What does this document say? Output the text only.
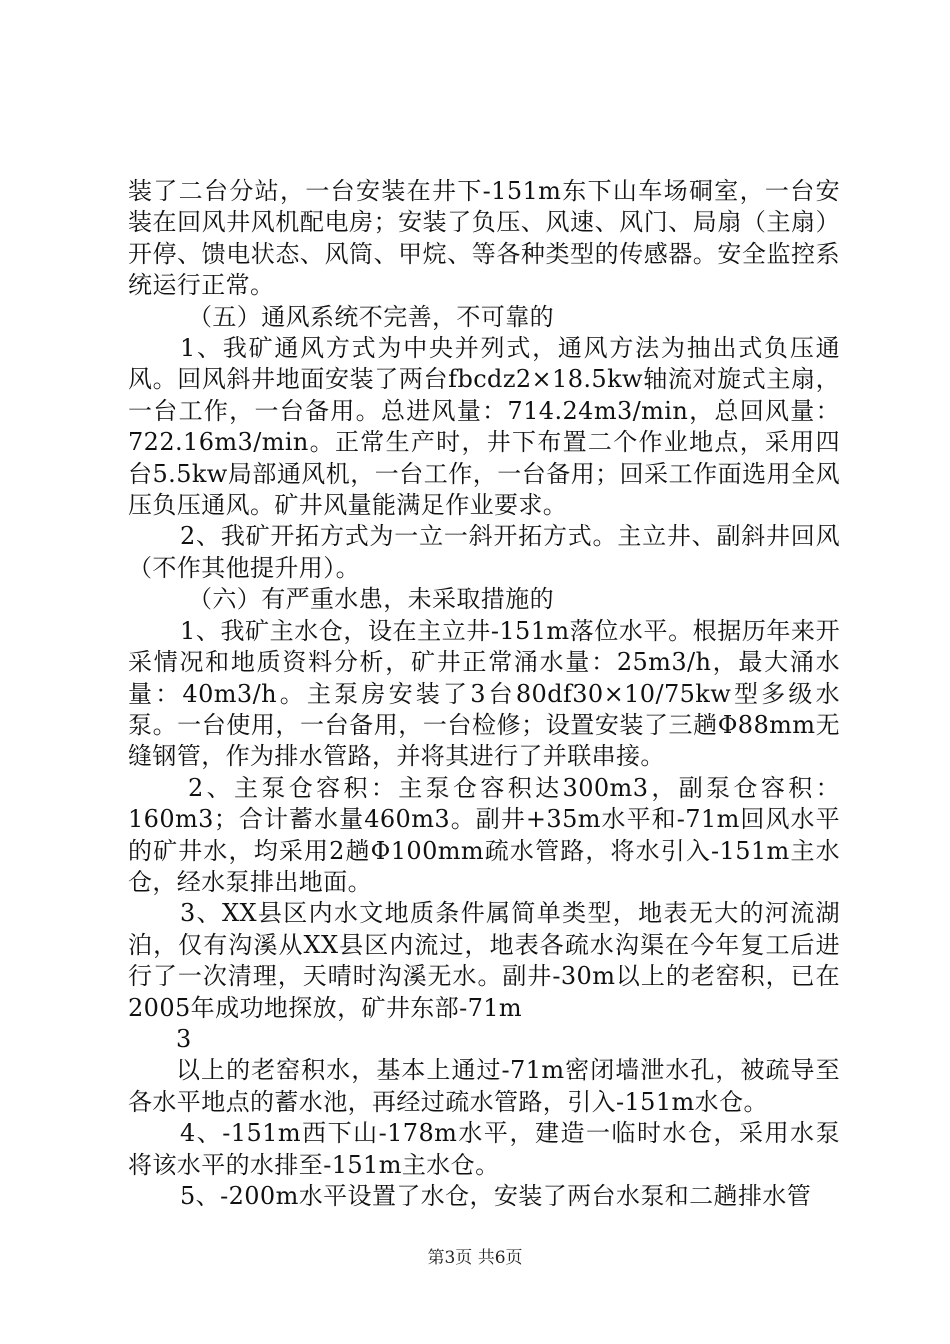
装了二台分站，一台安装在井下-151m东下山车场硐室，一台安装在回风井风机配电房；安装了负压、风速、风门、局扇（主扇）开停、馈电状态、风筒、甲烷、等各种类型的传感器。安全监控系统运行正常。

（五）通风系统不完善，不可靠的

1、我矿通风方式为中央并列式，通风方法为抽出式负压通风。回风斜井地面安装了两台fbcdz2×18.5kw轴流对旋式主扇，一台工作，一台备用。总进风量：714.24m3/min，总回风量：722.16m3/min。正常生产时，井下布置二个作业地点，采用四台5.5kw局部通风机，一台工作，一台备用；回采工作面选用全风压负压通风。矿井风量能满足作业要求。

2、我矿开拓方式为一立一斜开拓方式。主立井、副斜井回风（不作其他提升用）。

（六）有严重水患，未采取措施的

1、我矿主水仓，设在主立井-151m落位水平。根据历年来开采情况和地质资料分析，矿井正常涌水量：25m3/h，最大涌水量：40m3/h。主泵房安装了3台80df30×10/75kw型多级水泵。一台使用，一台备用，一台检修；设置安装了三趟Φ88mm无缝钢管，作为排水管路，并将其进行了并联串接。

2、主泵仓容积：主泵仓容积达300m3，副泵仓容积：160m3；合计蓄水量460m3。副井+35m水平和-71m回风水平的矿井水，均采用2趟Φ100mm疏水管路，将水引入-151m主水仓，经水泵排出地面。

3、XX县区内水文地质条件属简单类型，地表无大的河流湖泊，仅有沟溪从XX县区内流过，地表各疏水沟渠在今年复工后进行了一次清理，天晴时沟溪无水。副井-30m以上的老窑积，已在2005年成功地探放，矿井东部-71m

3

以上的老窑积水，基本上通过-71m密闭墙泄水孔，被疏导至各水平地点的蓄水池，再经过疏水管路，引入-151m水仓。

4、-151m西下山-178m水平，建造一临时水仓，采用水泵将该水平的水排至-151m主水仓。

5、-200m水平设置了水仓，安装了两台水泵和二趟排水管

第3页 共6页
